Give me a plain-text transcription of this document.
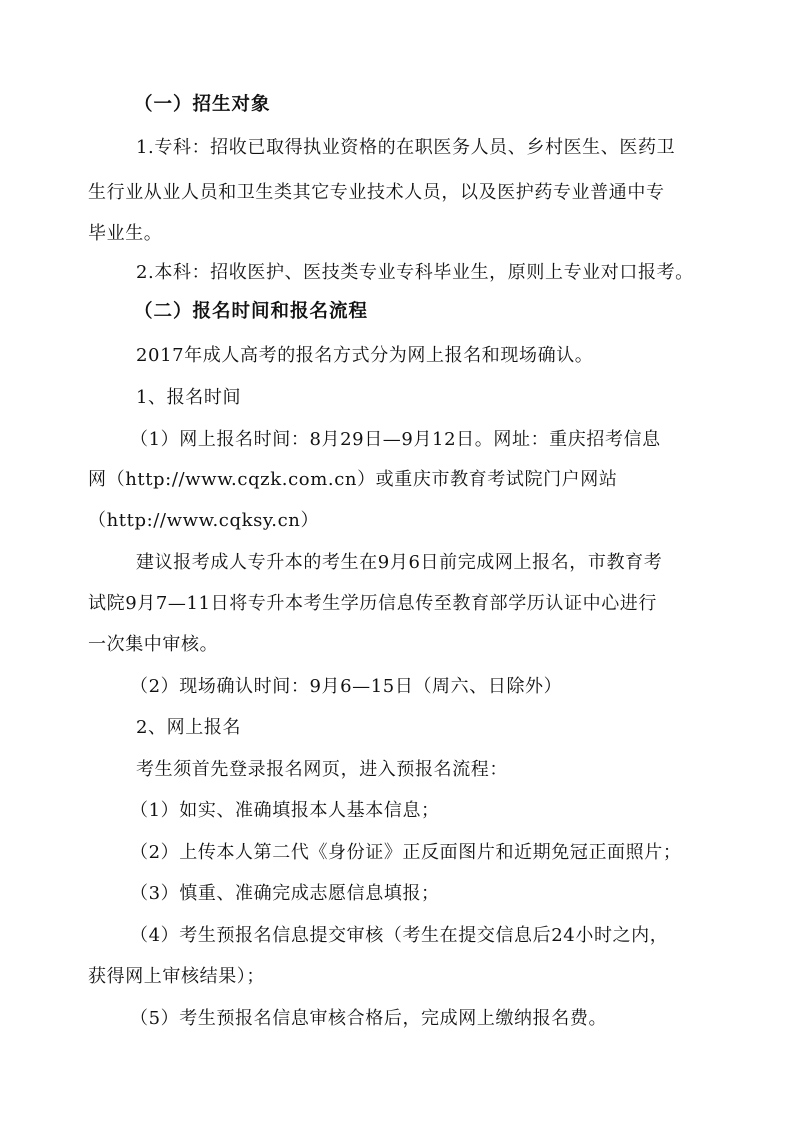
（一）招生对象
1.专科：招收已取得执业资格的在职医务人员、乡村医生、医药卫
生行业从业人员和卫生类其它专业技术人员，以及医护药专业普通中专
毕业生。
2.本科：招收医护、医技类专业专科毕业生，原则上专业对口报考。
（二）报名时间和报名流程
2017年成人高考的报名方式分为网上报名和现场确认。
1、报名时间
（1）网上报名时间：8月29日—9月12日。网址：重庆招考信息
网（http://www.cqzk.com.cn）或重庆市教育考试院门户网站
（http://www.cqksy.cn）
建议报考成人专升本的考生在9月6日前完成网上报名，市教育考
试院9月7—11日将专升本考生学历信息传至教育部学历认证中心进行
一次集中审核。
（2）现场确认时间：9月6—15日（周六、日除外）
2、网上报名
考生须首先登录报名网页，进入预报名流程：
（1）如实、准确填报本人基本信息；
（2）上传本人第二代《身份证》正反面图片和近期免冠正面照片；
（3）慎重、准确完成志愿信息填报；
（4）考生预报名信息提交审核（考生在提交信息后24小时之内，
获得网上审核结果）；
（5）考生预报名信息审核合格后，完成网上缴纳报名费。
